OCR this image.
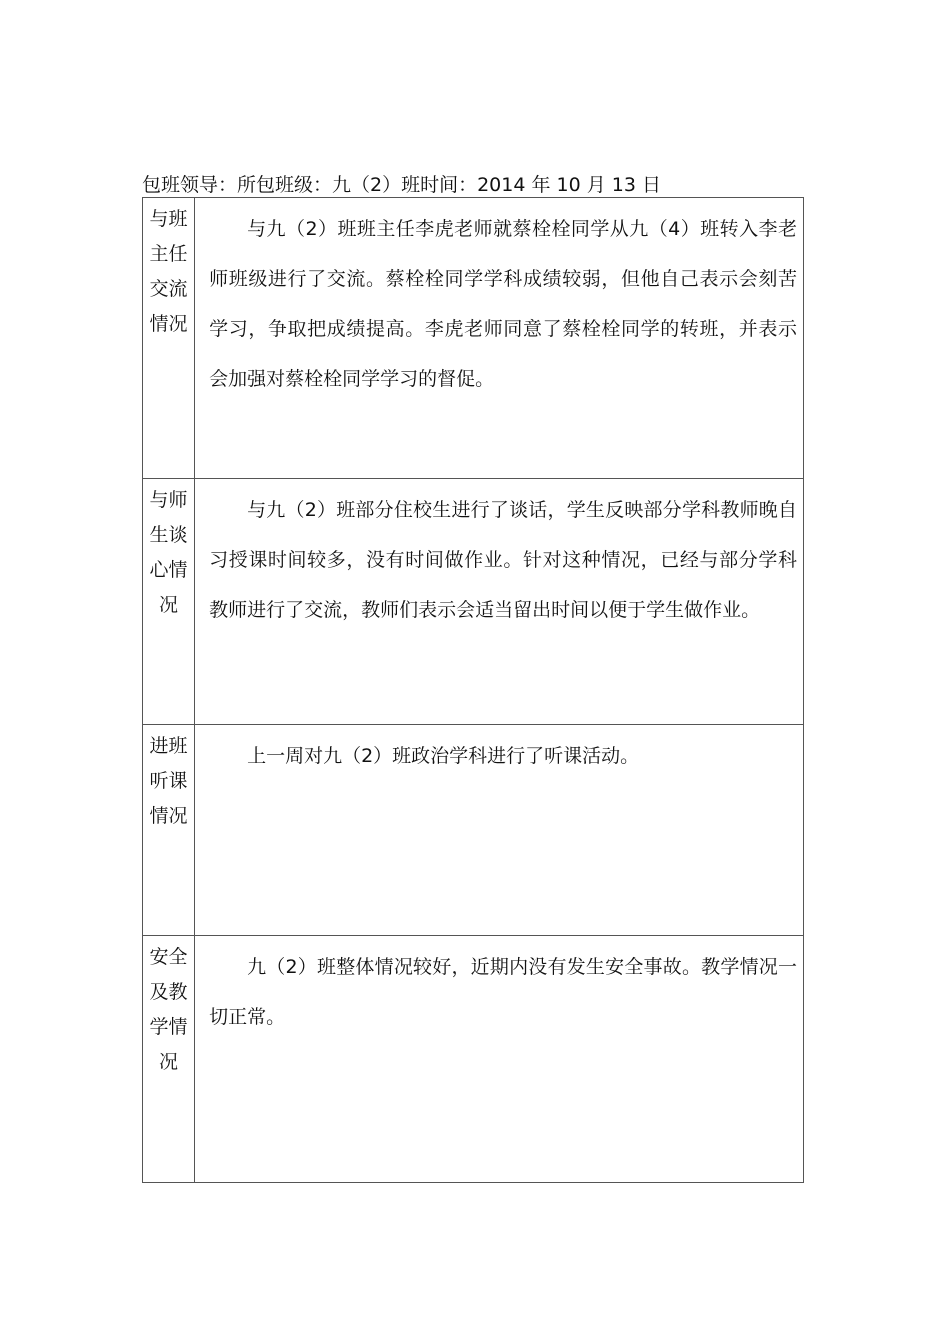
包班领导：所包班级：九（2）班时间：2014 年 10 月 13 日
与班主任交流情况	与九（2）班班主任李虎老师就蔡栓栓同学从九（4）班转入李老师班级进行了交流。蔡栓栓同学学科成绩较弱，但他自己表示会刻苦学习，争取把成绩提高。李虎老师同意了蔡栓栓同学的转班，并表示会加强对蔡栓栓同学学习的督促。

与师生谈心情况	与九（2）班部分住校生进行了谈话，学生反映部分学科教师晚自习授课时间较多，没有时间做作业。针对这种情况，已经与部分学科教师进行了交流，教师们表示会适当留出时间以便于学生做作业。

进班听课情况	上一周对九（2）班政治学科进行了听课活动。

安全及教学情况	九（2）班整体情况较好，近期内没有发生安全事故。教学情况一切正常。
